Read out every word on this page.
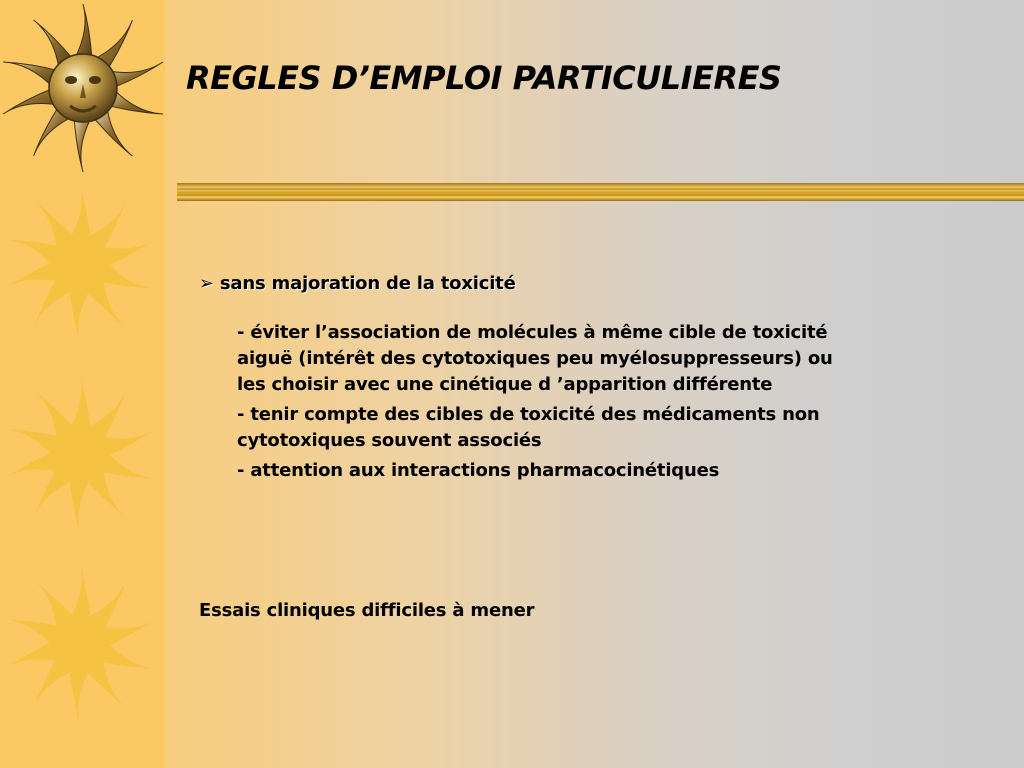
REGLES D’EMPLOI PARTICULIERES

➢ sans majoration de la toxicité

- éviter l’association de molécules à même cible de toxicité
aiguë (intérêt des cytotoxiques peu myélosuppresseurs) ou
les choisir avec une cinétique d ’apparition différente
- tenir compte des cibles de toxicité des médicaments non
cytotoxiques souvent associés
- attention aux interactions pharmacocinétiques

Essais cliniques difficiles à mener
